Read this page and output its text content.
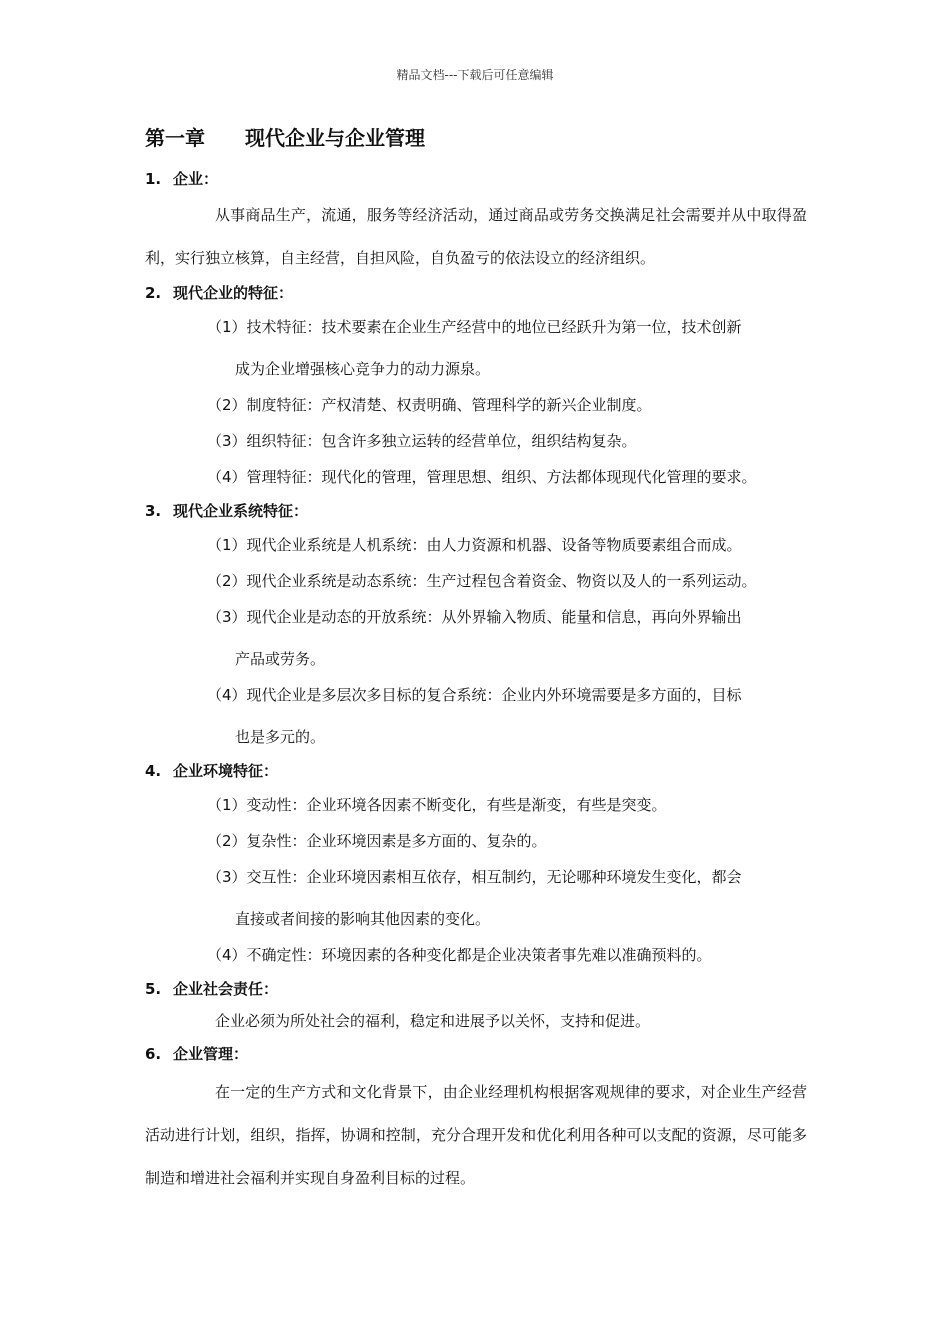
精品文档---下载后可任意编辑
第一章 现代企业与企业管理
1. 企业：

从事商品生产，流通，服务等经济活动，通过商品或劳务交换满足社会需要并从中取得盈利，实行独立核算，自主经营，自担风险，自负盈亏的依法设立的经济组织。

2. 现代企业的特征：
（1）技术特征：技术要素在企业生产经营中的地位已经跃升为第一位，技术创新
成为企业增强核心竞争力的动力源泉。
（2）制度特征：产权清楚、权责明确、管理科学的新兴企业制度。
（3）组织特征：包含许多独立运转的经营单位，组织结构复杂。
（4）管理特征：现代化的管理，管理思想、组织、方法都体现现代化管理的要求。
3. 现代企业系统特征：
（1）现代企业系统是人机系统：由人力资源和机器、设备等物质要素组合而成。
（2）现代企业系统是动态系统：生产过程包含着资金、物资以及人的一系列运动。
（3）现代企业是动态的开放系统：从外界输入物质、能量和信息，再向外界输出
产品或劳务。
（4）现代企业是多层次多目标的复合系统：企业内外环境需要是多方面的，目标
也是多元的。
4. 企业环境特征：
（1）变动性：企业环境各因素不断变化，有些是渐变，有些是突变。
（2）复杂性：企业环境因素是多方面的、复杂的。
（3）交互性：企业环境因素相互依存，相互制约，无论哪种环境发生变化，都会
直接或者间接的影响其他因素的变化。
（4）不确定性：环境因素的各种变化都是企业决策者事先难以准确预料的。
5. 企业社会责任：

企业必须为所处社会的福利，稳定和进展予以关怀，支持和促进。

6. 企业管理：

在一定的生产方式和文化背景下，由企业经理机构根据客观规律的要求，对企业生产经营活动进行计划，组织，指挥，协调和控制，充分合理开发和优化利用各种可以支配的资源，尽可能多制造和增进社会福利并实现自身盈利目标的过程。
